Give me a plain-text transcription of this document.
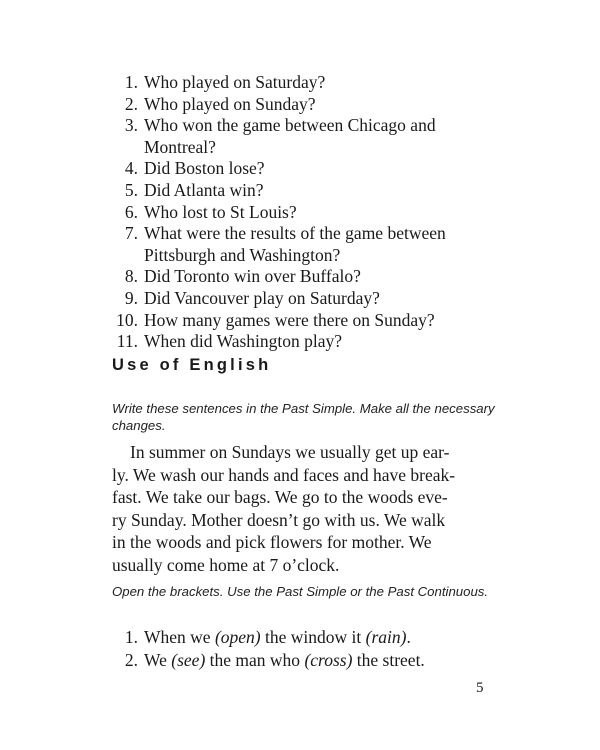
1. Who played on Saturday?
2. Who played on Sunday?
3. Who won the game between Chicago and
Montreal?
4. Did Boston lose?
5. Did Atlanta win?
6. Who lost to St Louis?
7. What were the results of the game between
Pittsburgh and Washington?
8. Did Toronto win over Buffalo?
9. Did Vancouver play on Saturday?
10. How many games were there on Sunday?
11. When did Washington play?
Use of English

Write these sentences in the Past Simple. Make all the necessary changes.

In summer on Sundays we usually get up ear-
ly. We wash our hands and faces and have break-
fast. We take our bags. We go to the woods eve-
ry Sunday. Mother doesn’t go with us. We walk
in the woods and pick flowers for mother. We
usually come home at 7 o’clock.

Open the brackets. Use the Past Simple or the Past Continuous.

1. When we (open) the window it (rain).
2. We (see) the man who (cross) the street.
5
